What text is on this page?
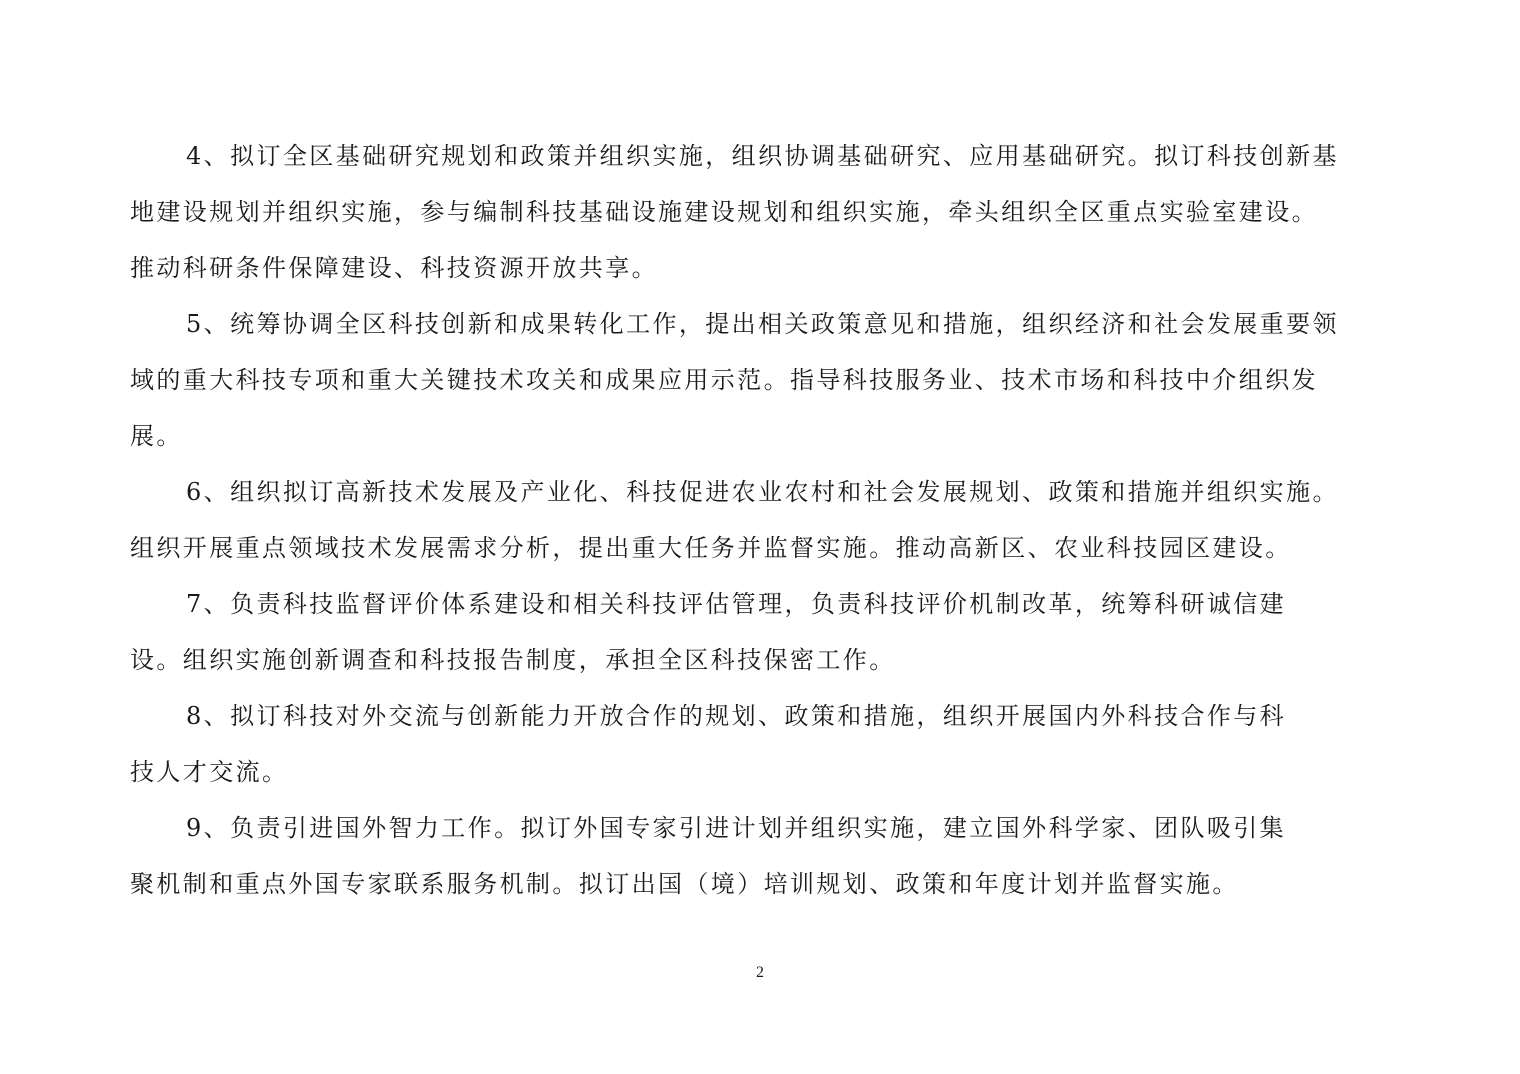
4、拟订全区基础研究规划和政策并组织实施，组织协调基础研究、应用基础研究。拟订科技创新基
地建设规划并组织实施，参与编制科技基础设施建设规划和组织实施，牵头组织全区重点实验室建设。
推动科研条件保障建设、科技资源开放共享。
5、统筹协调全区科技创新和成果转化工作，提出相关政策意见和措施，组织经济和社会发展重要领
域的重大科技专项和重大关键技术攻关和成果应用示范。指导科技服务业、技术市场和科技中介组织发
展。
6、组织拟订高新技术发展及产业化、科技促进农业农村和社会发展规划、政策和措施并组织实施。
组织开展重点领域技术发展需求分析，提出重大任务并监督实施。推动高新区、农业科技园区建设。
7、负责科技监督评价体系建设和相关科技评估管理，负责科技评价机制改革，统筹科研诚信建
设。组织实施创新调查和科技报告制度，承担全区科技保密工作。
8、拟订科技对外交流与创新能力开放合作的规划、政策和措施，组织开展国内外科技合作与科
技人才交流。
9、负责引进国外智力工作。拟订外国专家引进计划并组织实施，建立国外科学家、团队吸引集
聚机制和重点外国专家联系服务机制。拟订出国（境）培训规划、政策和年度计划并监督实施。
2
